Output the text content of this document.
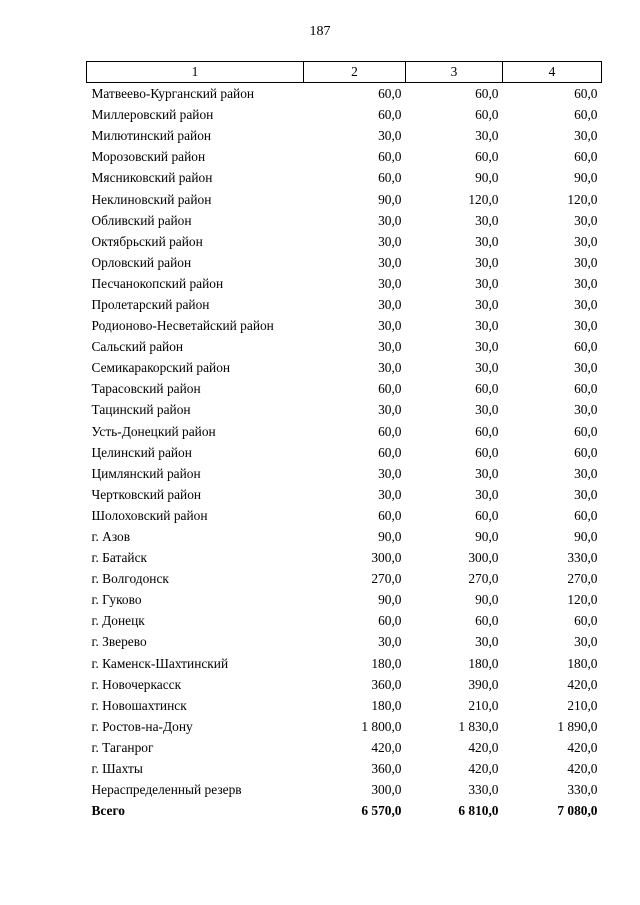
187
1	2	3	4
Матвеево-Курганский район	60,0	60,0	60,0
Миллеровский район	60,0	60,0	60,0
Милютинский район	30,0	30,0	30,0
Морозовский район	60,0	60,0	60,0
Мясниковский район	60,0	90,0	90,0
Неклиновский район	90,0	120,0	120,0
Обливский район	30,0	30,0	30,0
Октябрьский район	30,0	30,0	30,0
Орловский район	30,0	30,0	30,0
Песчанокопский район	30,0	30,0	30,0
Пролетарский район	30,0	30,0	30,0
Родионово-Несветайский район	30,0	30,0	30,0
Сальский район	30,0	30,0	60,0
Семикаракорский район	30,0	30,0	30,0
Тарасовский район	60,0	60,0	60,0
Тацинский район	30,0	30,0	30,0
Усть-Донецкий район	60,0	60,0	60,0
Целинский район	60,0	60,0	60,0
Цимлянский район	30,0	30,0	30,0
Чертковский район	30,0	30,0	30,0
Шолоховский район	60,0	60,0	60,0
г. Азов	90,0	90,0	90,0
г. Батайск	300,0	300,0	330,0
г. Волгодонск	270,0	270,0	270,0
г. Гуково	90,0	90,0	120,0
г. Донецк	60,0	60,0	60,0
г. Зверево	30,0	30,0	30,0
г. Каменск-Шахтинский	180,0	180,0	180,0
г. Новочеркасск	360,0	390,0	420,0
г. Новошахтинск	180,0	210,0	210,0
г. Ростов-на-Дону	1 800,0	1 830,0	1 890,0
г. Таганрог	420,0	420,0	420,0
г. Шахты	360,0	420,0	420,0
Нераспределенный резерв	300,0	330,0	330,0
Всего	6 570,0	6 810,0	7 080,0
